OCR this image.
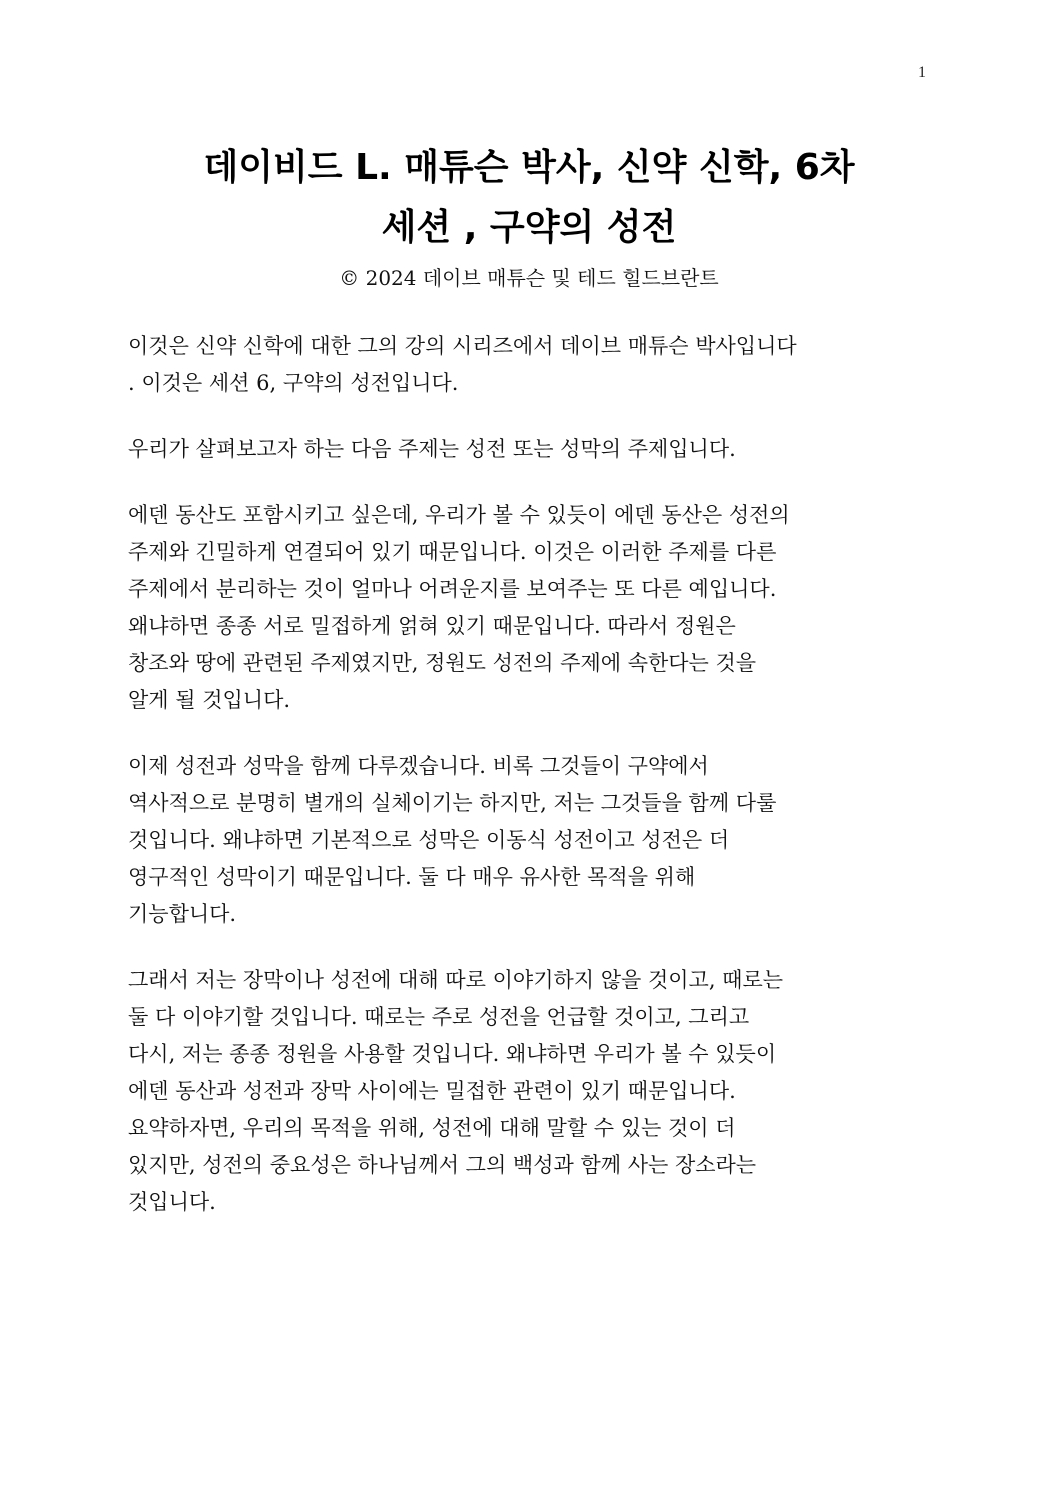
1
데이비드 L. 매튜슨 박사, 신약 신학, 6차
세션 , 구약의 성전
© 2024 데이브 매튜슨 및 테드 힐드브란트

이것은 신약 신학에 대한 그의 강의 시리즈에서 데이브 매튜슨 박사입니다
. 이것은 세션 6, 구약의 성전입니다.

우리가 살펴보고자 하는 다음 주제는 성전 또는 성막의 주제입니다.

에덴 동산도 포함시키고 싶은데, 우리가 볼 수 있듯이 에덴 동산은 성전의
주제와 긴밀하게 연결되어 있기 때문입니다. 이것은 이러한 주제를 다른
주제에서 분리하는 것이 얼마나 어려운지를 보여주는 또 다른 예입니다.
왜냐하면 종종 서로 밀접하게 얽혀 있기 때문입니다. 따라서 정원은
창조와 땅에 관련된 주제였지만, 정원도 성전의 주제에 속한다는 것을
알게 될 것입니다.

이제 성전과 성막을 함께 다루겠습니다. 비록 그것들이 구약에서
역사적으로 분명히 별개의 실체이기는 하지만, 저는 그것들을 함께 다룰
것입니다. 왜냐하면 기본적으로 성막은 이동식 성전이고 성전은 더
영구적인 성막이기 때문입니다. 둘 다 매우 유사한 목적을 위해
기능합니다.

그래서 저는 장막이나 성전에 대해 따로 이야기하지 않을 것이고, 때로는
둘 다 이야기할 것입니다. 때로는 주로 성전을 언급할 것이고, 그리고
다시, 저는 종종 정원을 사용할 것입니다. 왜냐하면 우리가 볼 수 있듯이
에덴 동산과 성전과 장막 사이에는 밀접한 관련이 있기 때문입니다.
요약하자면, 우리의 목적을 위해, 성전에 대해 말할 수 있는 것이 더
있지만, 성전의 중요성은 하나님께서 그의 백성과 함께 사는 장소라는
것입니다.
